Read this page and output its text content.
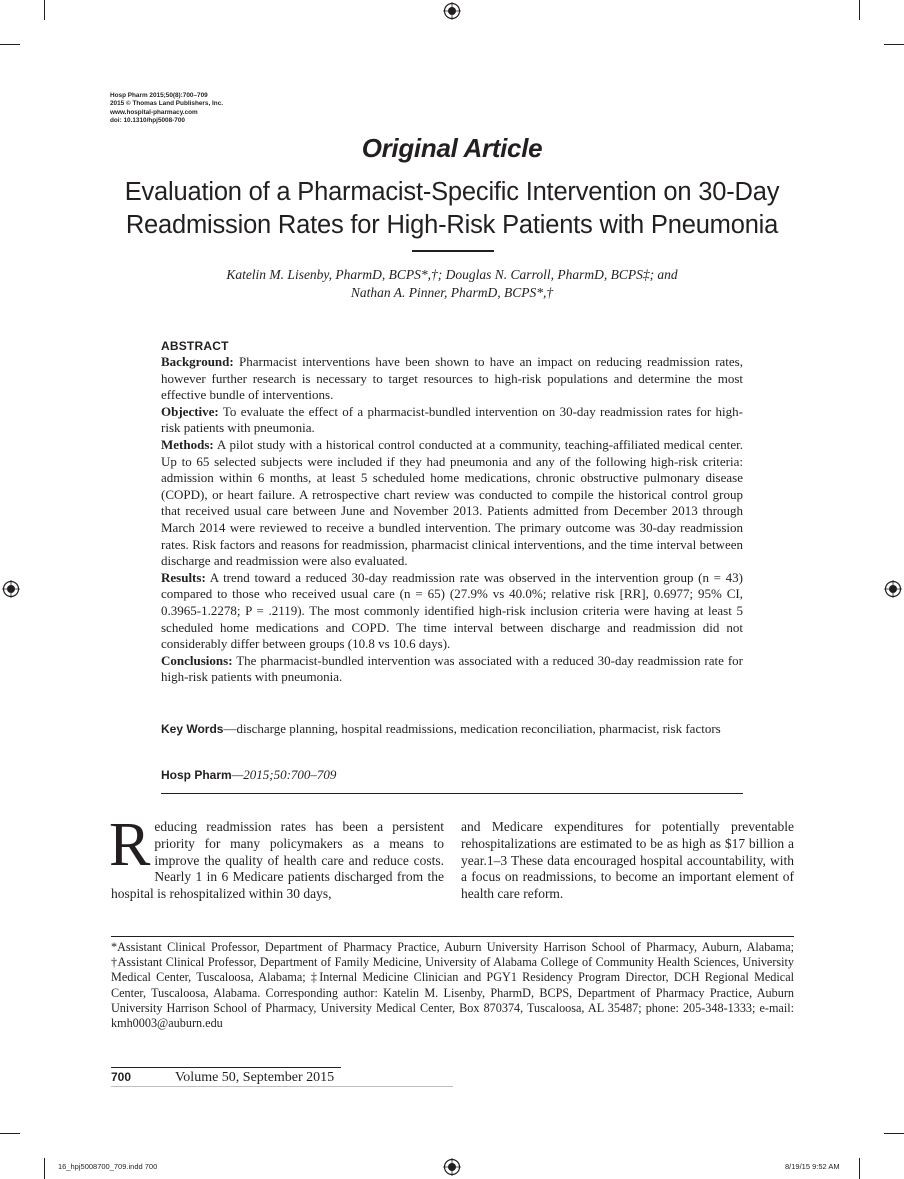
Hosp Pharm 2015;50(8):700–709
2015 © Thomas Land Publishers, Inc.
www.hospital-pharmacy.com
doi: 10.1310/hpj5008-700
Original Article
Evaluation of a Pharmacist-Specific Intervention on 30-Day
Readmission Rates for High-Risk Patients with Pneumonia
Katelin M. Lisenby, PharmD, BCPS*,†; Douglas N. Carroll, PharmD, BCPS‡; and
Nathan A. Pinner, PharmD, BCPS*,†
ABSTRACT

Background: Pharmacist interventions have been shown to have an impact on reducing readmission rates, however further research is necessary to target resources to high-risk populations and determine the most effective bundle of interventions.

Objective: To evaluate the effect of a pharmacist-bundled intervention on 30-day readmission rates for high-risk patients with pneumonia.

Methods: A pilot study with a historical control conducted at a community, teaching-affiliated medical center. Up to 65 selected subjects were included if they had pneumonia and any of the following high-risk criteria: admission within 6 months, at least 5 scheduled home medications, chronic obstructive pulmonary disease (COPD), or heart failure. A retrospective chart review was conducted to compile the historical control group that received usual care between June and November 2013. Patients admitted from December 2013 through March 2014 were reviewed to receive a bundled intervention. The primary outcome was 30-day readmission rates. Risk factors and reasons for readmission, pharmacist clinical interventions, and the time interval between discharge and readmission were also evaluated.

Results: A trend toward a reduced 30-day readmission rate was observed in the intervention group (n = 43) compared to those who received usual care (n = 65) (27.9% vs 40.0%; relative risk [RR], 0.6977; 95% CI, 0.3965-1.2278; P = .2119). The most commonly identified high-risk inclusion criteria were having at least 5 scheduled home medications and COPD. The time interval between discharge and readmission did not considerably differ between groups (10.8 vs 10.6 days).

Conclusions: The pharmacist-bundled intervention was associated with a reduced 30-day readmission rate for high-risk patients with pneumonia.

Key Words—discharge planning, hospital readmissions, medication reconciliation, pharmacist, risk factors
Hosp Pharm—2015;50:700–709
Reducing readmission rates has been a persistent priority for many policymakers as a means to improve the quality of health care and reduce costs. Nearly 1 in 6 Medicare patients discharged from the hospital is rehospitalized within 30 days,
and Medicare expenditures for potentially preventable rehospitalizations are estimated to be as high as $17 billion a year.1–3 These data encouraged hospital accountability, with a focus on readmissions, to become an important element of health care reform.
*Assistant Clinical Professor, Department of Pharmacy Practice, Auburn University Harrison School of Pharmacy, Auburn, Alabama; †Assistant Clinical Professor, Department of Family Medicine, University of Alabama College of Community Health Sciences, University Medical Center, Tuscaloosa, Alabama; ‡Internal Medicine Clinician and PGY1 Residency Program Director, DCH Regional Medical Center, Tuscaloosa, Alabama. Corresponding author: Katelin M. Lisenby, PharmD, BCPS, Department of Pharmacy Practice, Auburn University Harrison School of Pharmacy, University Medical Center, Box 870374, Tuscaloosa, AL 35487; phone: 205-348-1333; e-mail: kmh0003@auburn.edu
700	Volume 50, September 2015
16_hpj5008700_709.indd 700	8/19/15 9:52 AM
